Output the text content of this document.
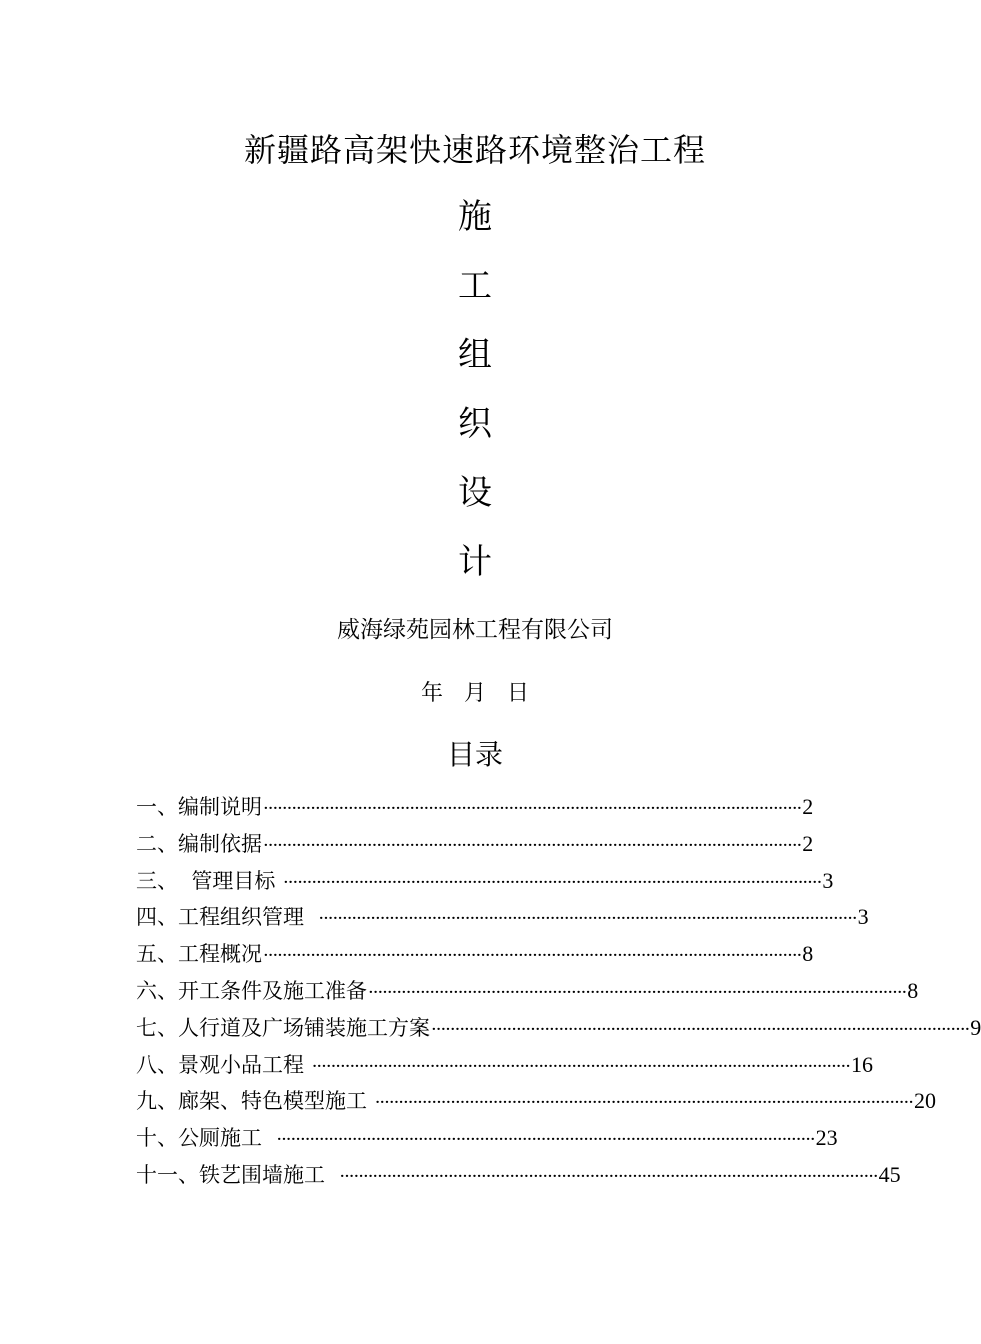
新疆路高架快速路环境整治工程
施
工
组
织
设
计
威海绿苑园林工程有限公司
年   月   日
目录
一、编制说明 ·················································································································· 2
二、编制依据 ·················································································································· 2
三、  管理目标 ·················································································································· 3
四、工程组织管理 ·················································································································· 3
五、工程概况 ·················································································································· 8
六、开工条件及施工准备 ·················································································································· 8
七、人行道及广场铺装施工方案 ·················································································································· 9
八、景观小品工程 ·················································································································· 16
九、廊架、特色模型施工 ·················································································································· 20
十、公厕施工 ·················································································································· 23
十一、铁艺围墙施工 ·················································································································· 45
